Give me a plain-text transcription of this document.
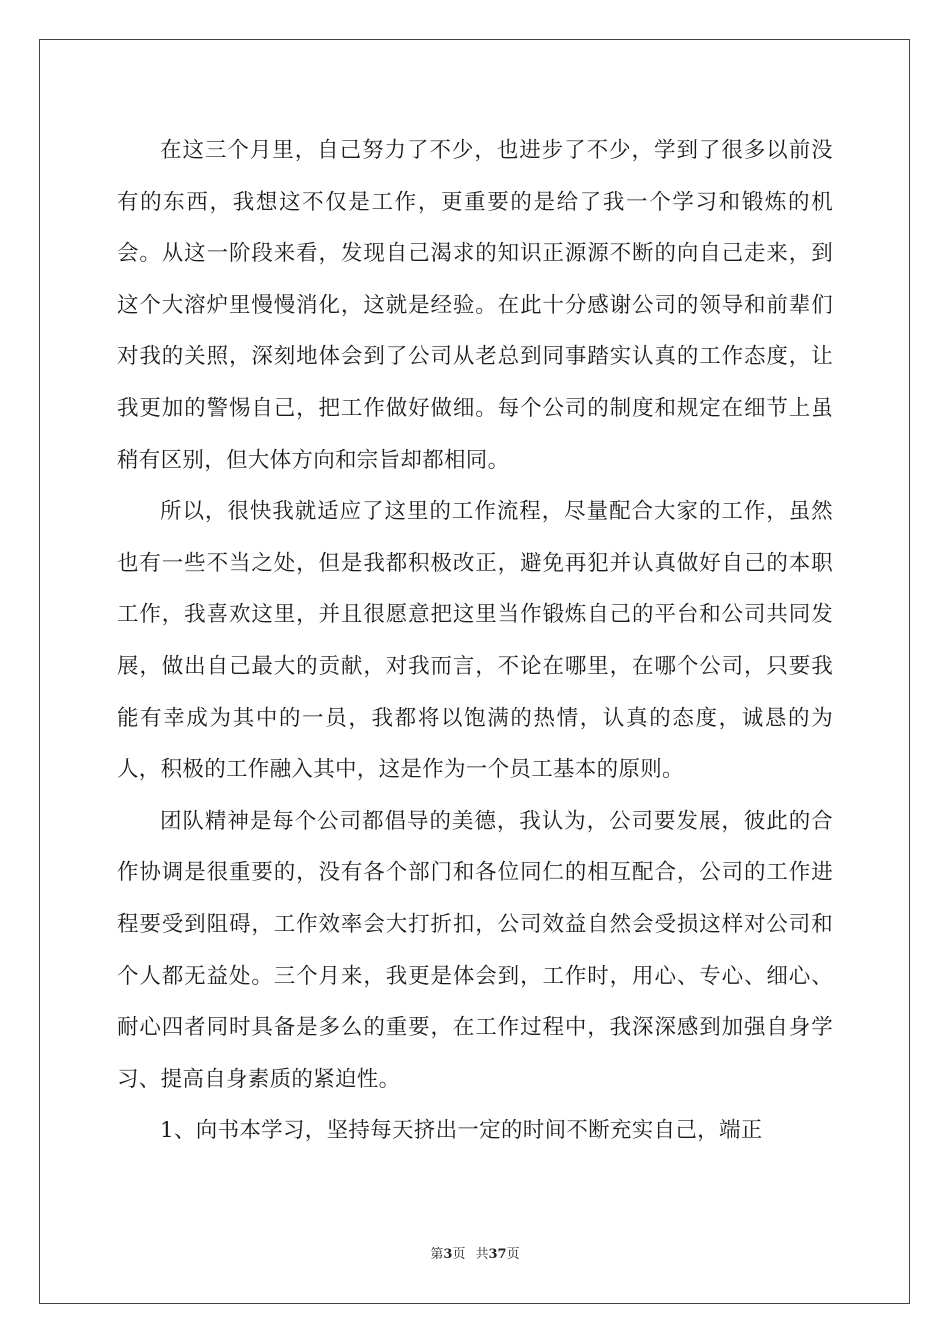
在这三个月里，自己努力了不少，也进步了不少，学到了很多以前没有的东西，我想这不仅是工作，更重要的是给了我一个学习和锻炼的机会。从这一阶段来看，发现自己渴求的知识正源源不断的向自己走来，到这个大溶炉里慢慢消化，这就是经验。在此十分感谢公司的领导和前辈们对我的关照，深刻地体会到了公司从老总到同事踏实认真的工作态度，让我更加的警惕自己，把工作做好做细。每个公司的制度和规定在细节上虽稍有区别，但大体方向和宗旨却都相同。

所以，很快我就适应了这里的工作流程，尽量配合大家的工作，虽然也有一些不当之处，但是我都积极改正，避免再犯并认真做好自己的本职工作，我喜欢这里，并且很愿意把这里当作锻炼自己的平台和公司共同发展，做出自己最大的贡献，对我而言，不论在哪里，在哪个公司，只要我能有幸成为其中的一员，我都将以饱满的热情，认真的态度，诚恳的为人，积极的工作融入其中，这是作为一个员工基本的原则。

团队精神是每个公司都倡导的美德，我认为，公司要发展，彼此的合作协调是很重要的，没有各个部门和各位同仁的相互配合，公司的工作进程要受到阻碍，工作效率会大打折扣，公司效益自然会受损这样对公司和个人都无益处。三个月来，我更是体会到，工作时，用心、专心、细心、耐心四者同时具备是多么的重要，在工作过程中，我深深感到加强自身学习、提高自身素质的紧迫性。

1、向书本学习，坚持每天挤出一定的时间不断充实自己，端正

第3页 共37页
